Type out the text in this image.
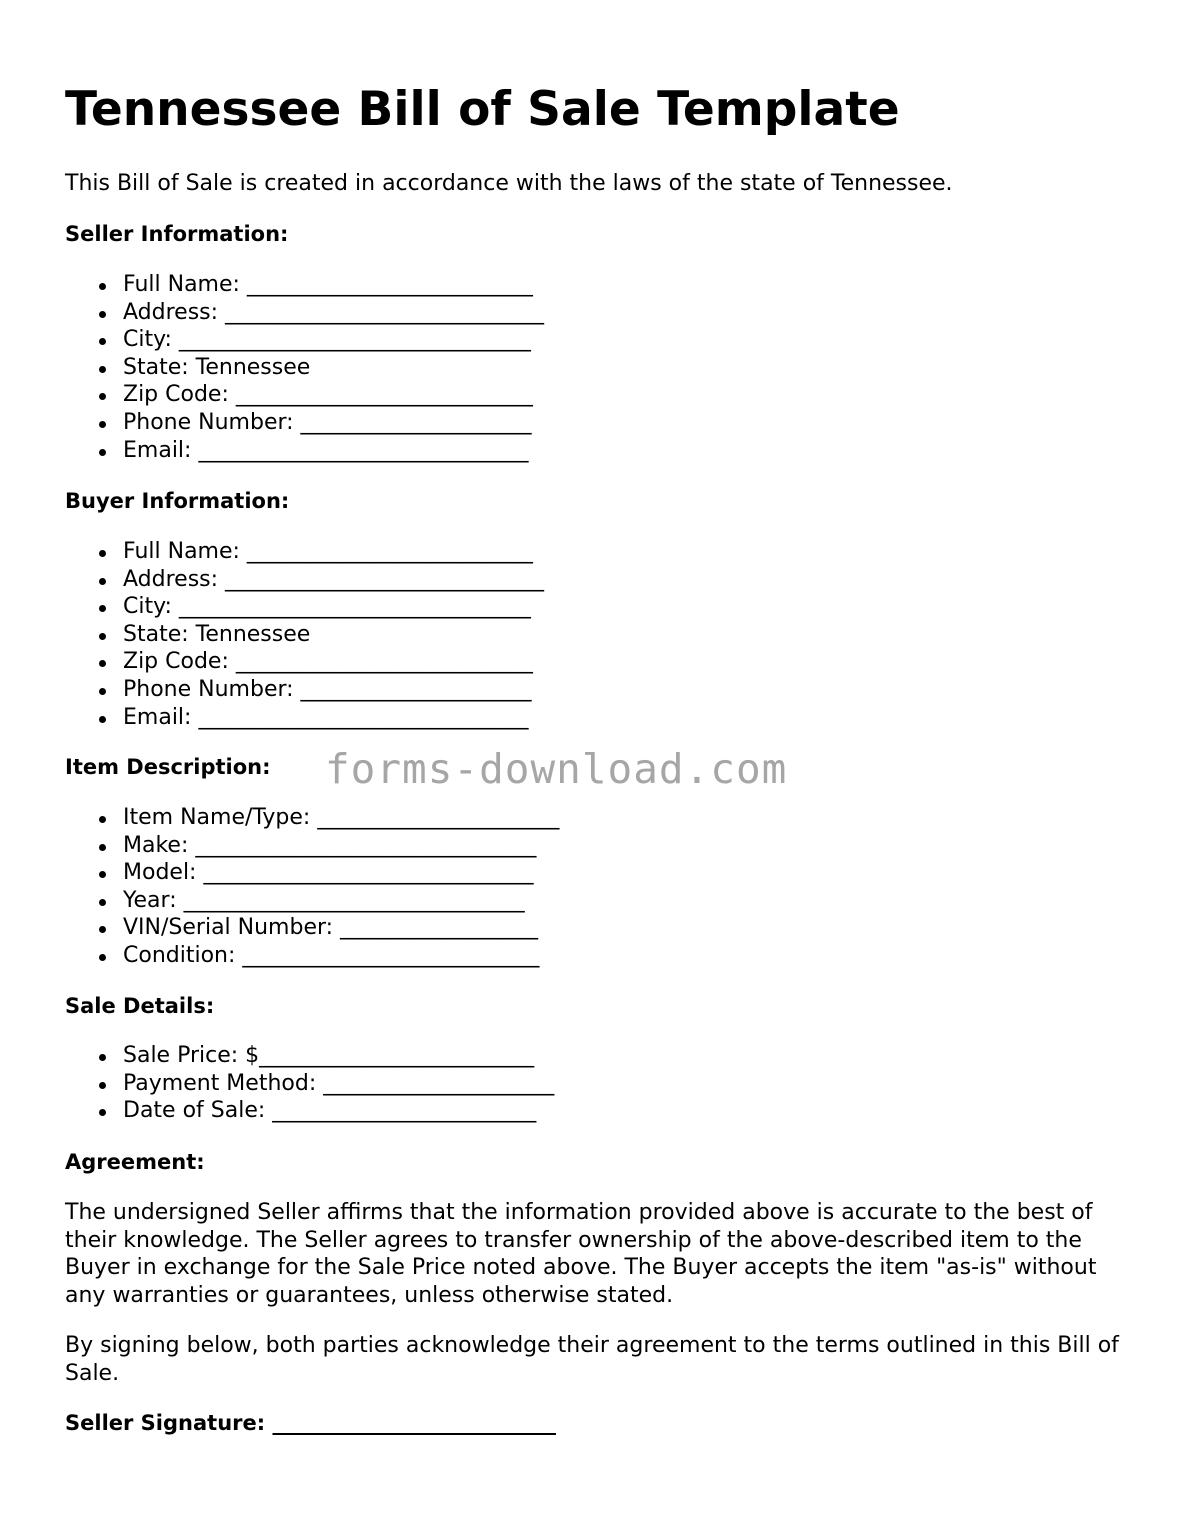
Tennessee Bill of Sale Template

This Bill of Sale is created in accordance with the laws of the state of Tennessee.

Seller Information:

Full Name: __________________________
Address: _____________________________
City: ________________________________
State: Tennessee
Zip Code: ___________________________
Phone Number: _____________________
Email: ______________________________

Buyer Information:

Full Name: __________________________
Address: _____________________________
City: ________________________________
State: Tennessee
Zip Code: ___________________________
Phone Number: _____________________
Email: ______________________________

Item Description:

Item Name/Type: ______________________
Make: _______________________________
Model: ______________________________
Year: _______________________________
VIN/Serial Number: __________________
Condition: ___________________________

Sale Details:

Sale Price: $_________________________
Payment Method: _____________________
Date of Sale: ________________________

Agreement:

The undersigned Seller affirms that the information provided above is accurate to the best of their knowledge. The Seller agrees to transfer ownership of the above-described item to the Buyer in exchange for the Sale Price noted above. The Buyer accepts the item "as-is" without any warranties or guarantees, unless otherwise stated.

By signing below, both parties acknowledge their agreement to the terms outlined in this Bill of Sale.

Seller Signature: ___________________________

forms-download.com
